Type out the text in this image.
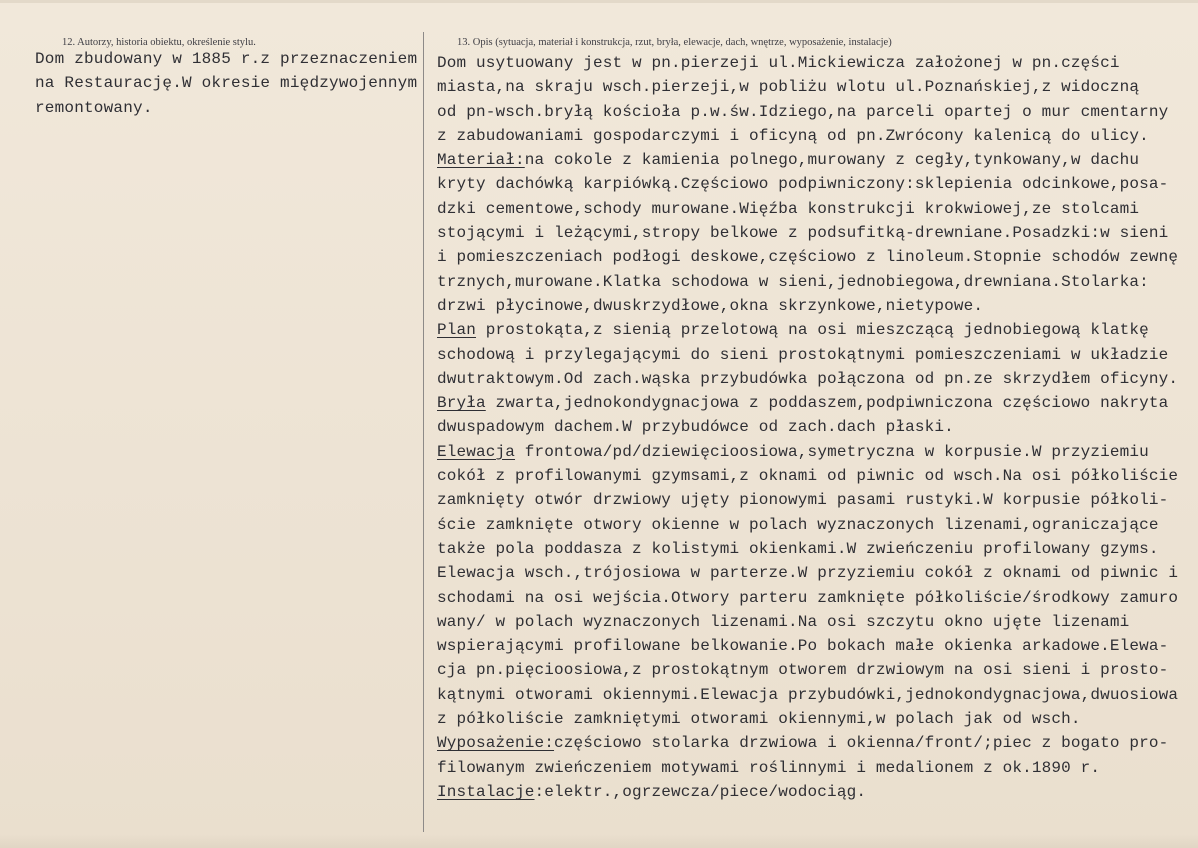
12. Autorzy, historia obiektu, określenie stylu.	13. Opis (sytuacja, materiał i konstrukcja, rzut, bryła, elewacje, dach, wnętrze, wyposażenie, instalacje)
Dom zbudowany w 1885 r.z przeznaczeniem
na Restaurację.W okresie międzywojennym
remontowany.
Dom usytuowany jest w pn.pierzeji ul.Mickiewicza założonej w pn.części
miasta,na skraju wsch.pierzeji,w pobliżu wlotu ul.Poznańskiej,z widoczną
od pn-wsch.bryłą kościoła p.w.św.Idziego,na parceli opartej o mur cmentarny
z zabudowaniami gospodarczymi i oficyną od pn.Zwrócony kalenicą do ulicy.
Materiał:na cokole z kamienia polnego,murowany z cegły,tynkowany,w dachu
kryty dachówką karpiówką.Częściowo podpiwniczony:sklepienia odcinkowe,posa-
dzki cementowe,schody murowane.Więźba konstrukcji krokwiowej,ze stolcami
stojącymi i leżącymi,stropy belkowe z podsufitką-drewniane.Posadzki:w sieni
i pomieszczeniach podłogi deskowe,częściowo z linoleum.Stopnie schodów zewnę
trznych,murowane.Klatka schodowa w sieni,jednobiegowa,drewniana.Stolarka:
drzwi płycinowe,dwuskrzydłowe,okna skrzynkowe,nietypowe.
Plan prostokąta,z sienią przelotową na osi mieszczącą jednobiegową klatkę
schodową i przylegającymi do sieni prostokątnymi pomieszczeniami w układzie
dwutraktowym.Od zach.wąska przybudówka połączona od pn.ze skrzydłem oficyny.
Bryła zwarta,jednokondygnacjowa z poddaszem,podpiwniczona częściowo nakryta
dwuspadowym dachem.W przybudówce od zach.dach płaski.
Elewacja frontowa/pd/dziewięcioosiowa,symetryczna w korpusie.W przyziemiu
cokół z profilowanymi gzymsami,z oknami od piwnic od wsch.Na osi półkoliście
zamknięty otwór drzwiowy ujęty pionowymi pasami rustyki.W korpusie półkoli-
ście zamknięte otwory okienne w polach wyznaczonych lizenami,ograniczające
także pola poddasza z kolistymi okienkami.W zwieńczeniu profilowany gzyms.
Elewacja wsch.,trójosiowa w parterze.W przyziemiu cokół z oknami od piwnic i
schodami na osi wejścia.Otwory parteru zamknięte półkoliście/środkowy zamuro
wany/ w polach wyznaczonych lizenami.Na osi szczytu okno ujęte lizenami
wspierającymi profilowane belkowanie.Po bokach małe okienka arkadowe.Elewa-
cja pn.pięcioosiowa,z prostokątnym otworem drzwiowym na osi sieni i prosto-
kątnymi otworami okiennymi.Elewacja przybudówki,jednokondygnacjowa,dwuosiowa
z półkoliście zamkniętymi otworami okiennymi,w polach jak od wsch.
Wyposażenie:częściowo stolarka drzwiowa i okienna/front/;piec z bogato pro-
filowanym zwieńczeniem motywami roślinnymi i medalionem z ok.1890 r.
Instalacje:elektr.,ogrzewcza/piece/wodociąg.
